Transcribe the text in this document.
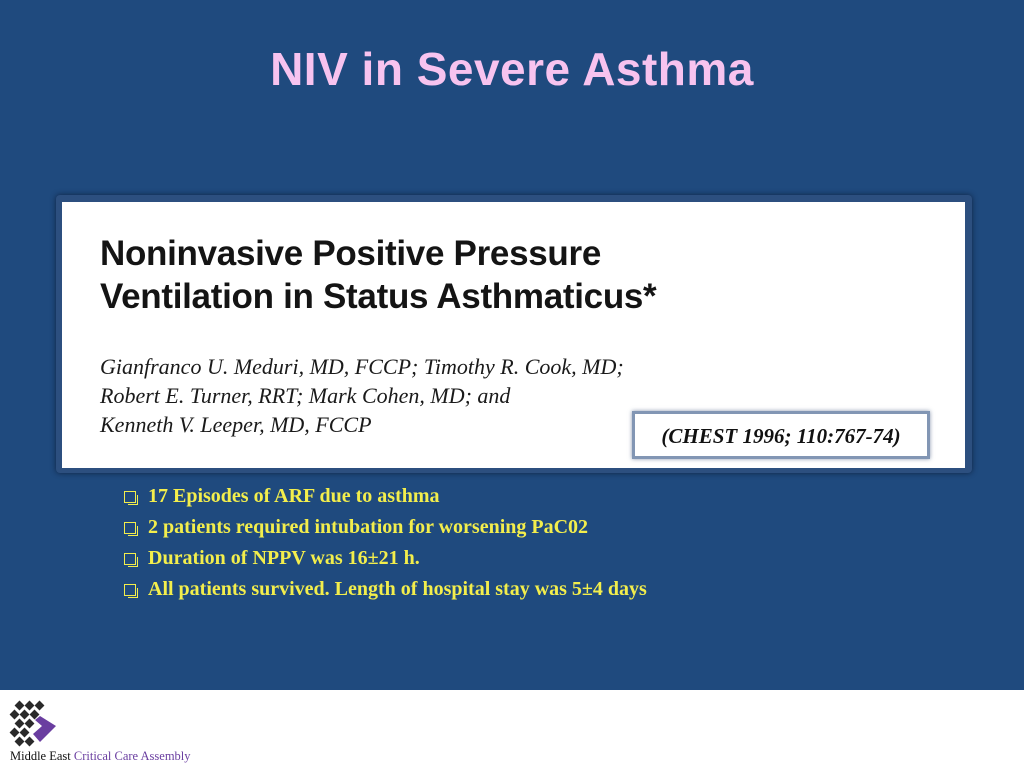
NIV in Severe Asthma
Noninvasive Positive Pressure
Ventilation in Status Asthmaticus*
Gianfranco U. Meduri, MD, FCCP; Timothy R. Cook, MD;
Robert E. Turner, RRT; Mark Cohen, MD; and
Kenneth V. Leeper, MD, FCCP	(CHEST 1996; 110:767-74)
17 Episodes of ARF due to asthma
2 patients required intubation for worsening PaC02
Duration of NPPV was 16±21 h.
All patients survived. Length of hospital stay was 5±4 days
Middle East Critical Care Assembly
